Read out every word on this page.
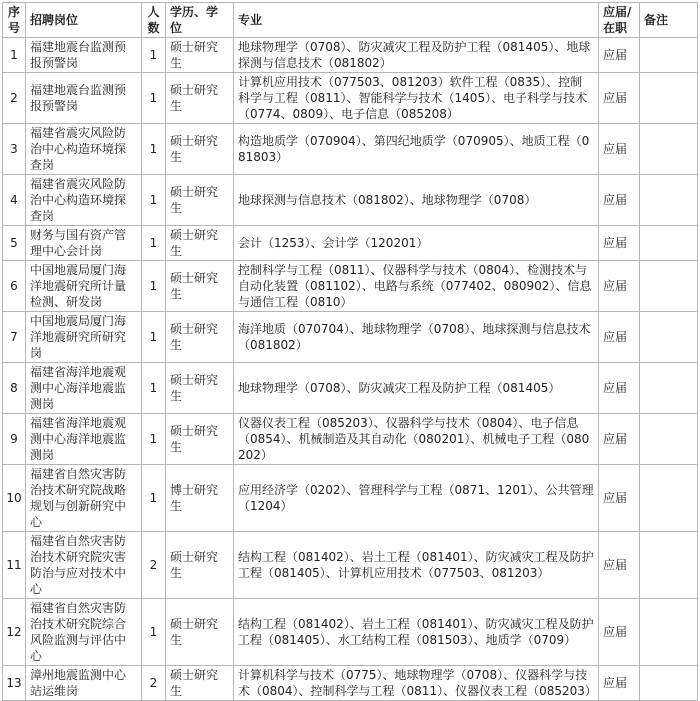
序号	招聘岗位	人数	学历、学位	专业	应届/在职	备注
1	福建地震台监测预报预警岗	1	硕士研究生	地球物理学（0708）、防灾减灾工程及防护工程（081405）、地球探测与信息技术（081802）	应届	
2	福建地震台监测预报预警岗	1	硕士研究生	计算机应用技术（077503、081203）软件工程（0835）、控制科学与工程（0811）、智能科学与技术（1405）、电子科学与技术（0774、0809）、电子信息（085208）	应届	
3	福建省震灾风险防治中心构造环境探查岗	1	硕士研究生	构造地质学（070904）、第四纪地质学（070905）、地质工程（081803）	应届	
4	福建省震灾风险防治中心构造环境探查岗	1	硕士研究生	地球探测与信息技术（081802）、地球物理学（0708）	应届	
5	财务与国有资产管理中心会计岗	1	硕士研究生	会计（1253）、会计学（120201）	应届	
6	中国地震局厦门海洋地震研究所计量检测、研发岗	1	硕士研究生	控制科学与工程（0811）、仪器科学与技术（0804）、检测技术与自动化装置（081102）、电路与系统（077402、080902）、信息与通信工程（0810）	应届	
7	中国地震局厦门海洋地震研究所研究岗	1	硕士研究生	海洋地质（070704）、地球物理学（0708）、地球探测与信息技术（081802）	应届	
8	福建省海洋地震观测中心海洋地震监测岗	1	硕士研究生	地球物理学（0708）、防灾减灾工程及防护工程（081405）	应届	
9	福建省海洋地震观测中心海洋地震监测岗	1	硕士研究生	仪器仪表工程（085203）、仪器科学与技术（0804）、电子信息（0854）、机械制造及其自动化（080201）、机械电子工程（080202）	应届	
10	福建省自然灾害防治技术研究院战略规划与创新研究中心	1	博士研究生	应用经济学（0202）、管理科学与工程（0871、1201）、公共管理（1204）	应届	
11	福建省自然灾害防治技术研究院灾害防治与应对技术中心	2	硕士研究生	结构工程（081402）、岩土工程（081401）、防灾减灾工程及防护工程（081405）、计算机应用技术（077503、081203）	应届	
12	福建省自然灾害防治技术研究院综合风险监测与评估中心	1	硕士研究生	结构工程（081402）、岩土工程（081401）、防灾减灾工程及防护工程（081405）、水工结构工程（081503）、地质学（0709）	应届	
13	漳州地震监测中心站运维岗	2	硕士研究生	计算机科学与技术（0775）、地球物理学（0708）、仪器科学与技术（0804）、控制科学与工程（0811）、仪器仪表工程（085203）	应届	
